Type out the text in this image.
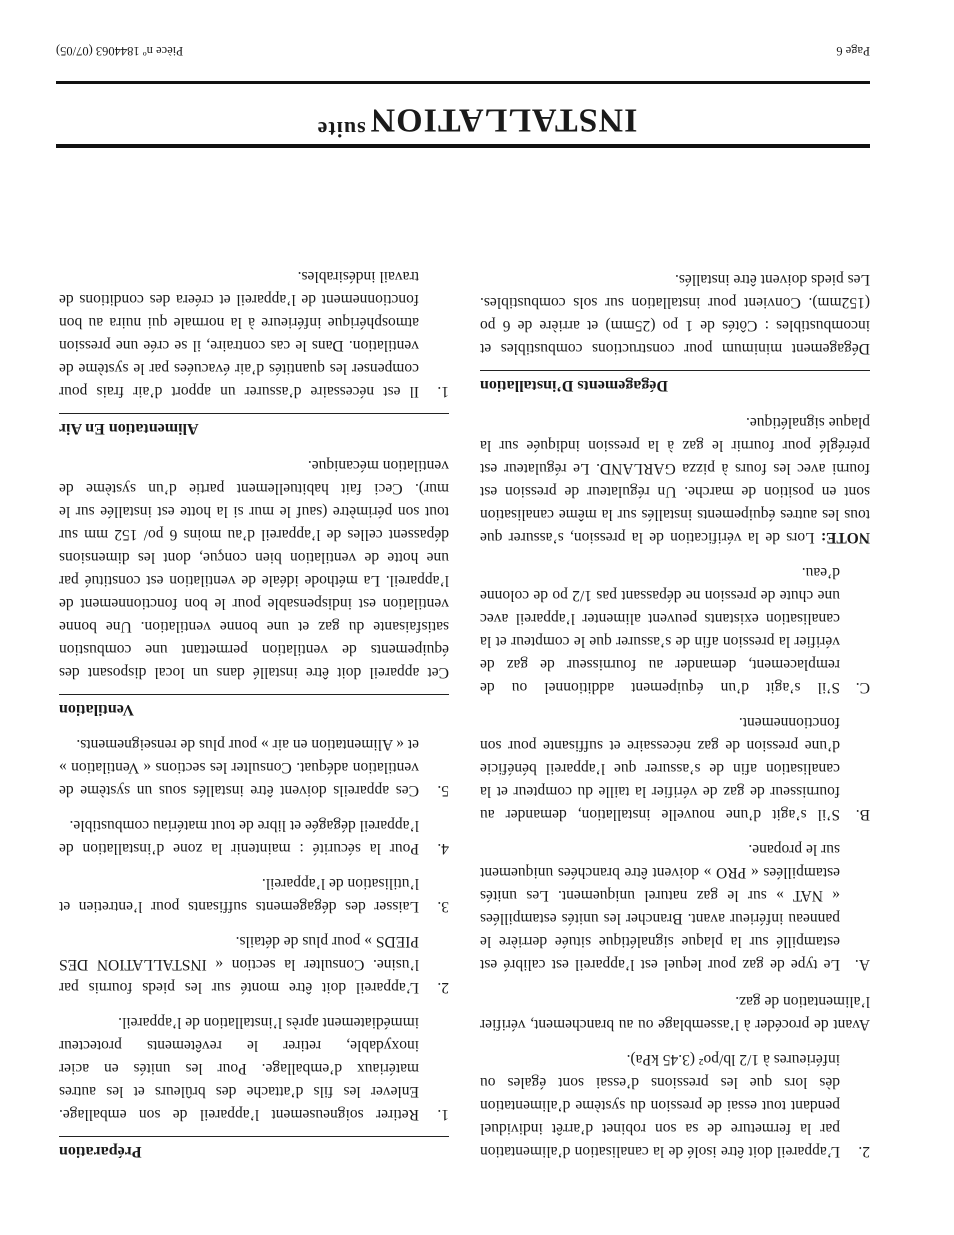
$INSTALLATION^{suite}$
2.
L’appareil doit être isolé de la canalisation d’alimentation par la fermeture de sa son robinet d’arrêt individuel pendant tout essai de pression du système d’alimentation dès lors que les pressions d’essai sont égales ou inférieures à 1/2 lb/po² (3.45 kPa).

Avant de procéder à l’assemblage ou au branchement, vérifier l’alimentation de gaz.

A.
Le type de gaz pour lequel est l’appareil est calibré est estampillé sur la plaque signalétique située derrière le panneau inférieur avant. Brancher les unités estampillées « NAT » sur le gaz naturel uniquement. Les unités estampillées « PRO » doivent être branchées uniquement sur le propane.
B.
S’il s’agit d’une nouvelle installation, demander au fournisseur de gaz de vérifier la taille du compteur et la canalisation afin de s’assurer que l’appareil bénéficie d’une pression de gaz nécessaire et suffisante pour son fonctionnement.
C.
S’il s’agit d’un équipement additionnel ou de remplacement, demander au fournisseur de gaz de vérifier la pression afin de s’assurer que le compteur et la canalisation existants peuvent alimenter l’appareil avec une chute de pression ne dépassant pas 1/2 po de colonne d’eau.

NOTE: Lors de la vérification de la pression, s’assurer que tous les autres équipements installés sur la même canalisation sont en position de marche. Un régulateur de pression est fourni avec les fours à pizza GARLAND. Le régulateur est préréglé pour fournir le gaz à la pression indiquée sur la plaque signalétique.

Dégagements D’installation

Dégagement minimum pour constructions combustibles et incombustibles : Côtés de 1 po (25mm) et arrière de 6 po (152mm). Convient pour installation sur sols combustibles. Les pieds doivent être installés.

Préparation
1.
Retirer soigneusement l’appareil de son emballage. Enlever les fils d’attache des brûleurs et les autres matériaux d’emballage. Pour les unités en acier inoxydable, retirer le revêtements protecteur immédiatement après l’installation de l’appareil.
2.
L’appareil doit être monté sur les pieds fournis par l’usine. Consulter la section « INSTALLATION DES PIEDS » pour plus de détails.
3.
Laisser des dégagements suffisants pour l’entretien et l’utilisation de l’appareil.
4.
Pour la sécurité : maintenir la zone d’installation de l’appareil dégagée et libre de tout matériau combustible.
5.
Ces appareils doivent être installés sous un système de ventilation adéquat. Consulter les sections « Ventilation » et « Alimentation en air » pour plus de renseignements.
Ventilation

Cet appareil doit être installé dans un local disposant des équipements de ventilation permettant une combustion satisfaisante du gaz et une bonne ventilation. Une bonne ventilation est indispensable pour le bon fonctionnement de l’appareil. La méthode idéale de ventilation est constitué par une hotte de ventilation bien conçue, dont les dimensions dépassent celles de l’appareil d’au moins 6 po/ 152 mm sur tout son périmètre (sauf le mur si la hotte est installée sur le mur). Ceci fait habituellement partie d’un système de ventilation mécanique.

Alimentation En Air
1.
Il est nécessaire d’assurer un apport d’air frais pour compenser les quantités d’air évacuées par le système de ventilation. Dans le cas contraire, il se crée une pression atmosphérique inférieure à la normale qui nuira au bon fonctionnement de l’appareil et créera des conditions de travail indésirables.
Page 6
Pièce nº 1844063 (07/05)
